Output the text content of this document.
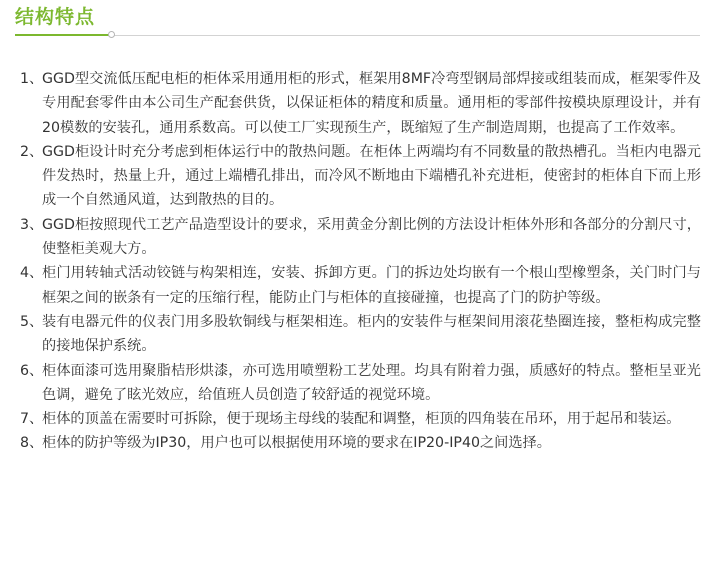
结构特点

1、
GGD型交流低压配电柜的柜体采用通用柜的形式，框架用8MF冷弯型钢局部焊接或组装而成，框架零件及专用配套零件由本公司生产配套供货，以保证柜体的精度和质量。通用柜的零部件按模块原理设计，并有20模数的安装孔，通用系数高。可以使工厂实现预生产，既缩短了生产制造周期，也提高了工作效率。

2、
GGD柜设计时充分考虑到柜体运行中的散热问题。在柜体上两端均有不同数量的散热槽孔。当柜内电器元件发热时，热量上升，通过上端槽孔排出，而冷风不断地由下端槽孔补充进柜，使密封的柜体自下而上形成一个自然通风道，达到散热的目的。

3、
GGD柜按照现代工艺产品造型设计的要求，采用黄金分割比例的方法设计柜体外形和各部分的分割尺寸，使整柜美观大方。

4、
柜门用转轴式活动铰链与构架相连，安装、拆卸方更。门的拆边处均嵌有一个根山型橡塑条，关门时门与框架之间的嵌条有一定的压缩行程，能防止门与柜体的直接碰撞，也提高了门的防护等级。

5、
装有电器元件的仪表门用多股软铜线与框架相连。柜内的安装件与框架间用滚花垫圈连接，整柜构成完整的接地保护系统。

6、
柜体面漆可选用聚脂桔形烘漆，亦可选用喷塑粉工艺处理。均具有附着力强，质感好的特点。整柜呈亚光色调，避免了眩光效应，给值班人员创造了较舒适的视觉环境。

7、
柜体的顶盖在需要时可拆除，便于现场主母线的装配和调整，柜顶的四角装在吊环，用于起吊和装运。

8、
柜体的防护等级为IP30，用户也可以根据使用环境的要求在IP20-IP40之间选择。
